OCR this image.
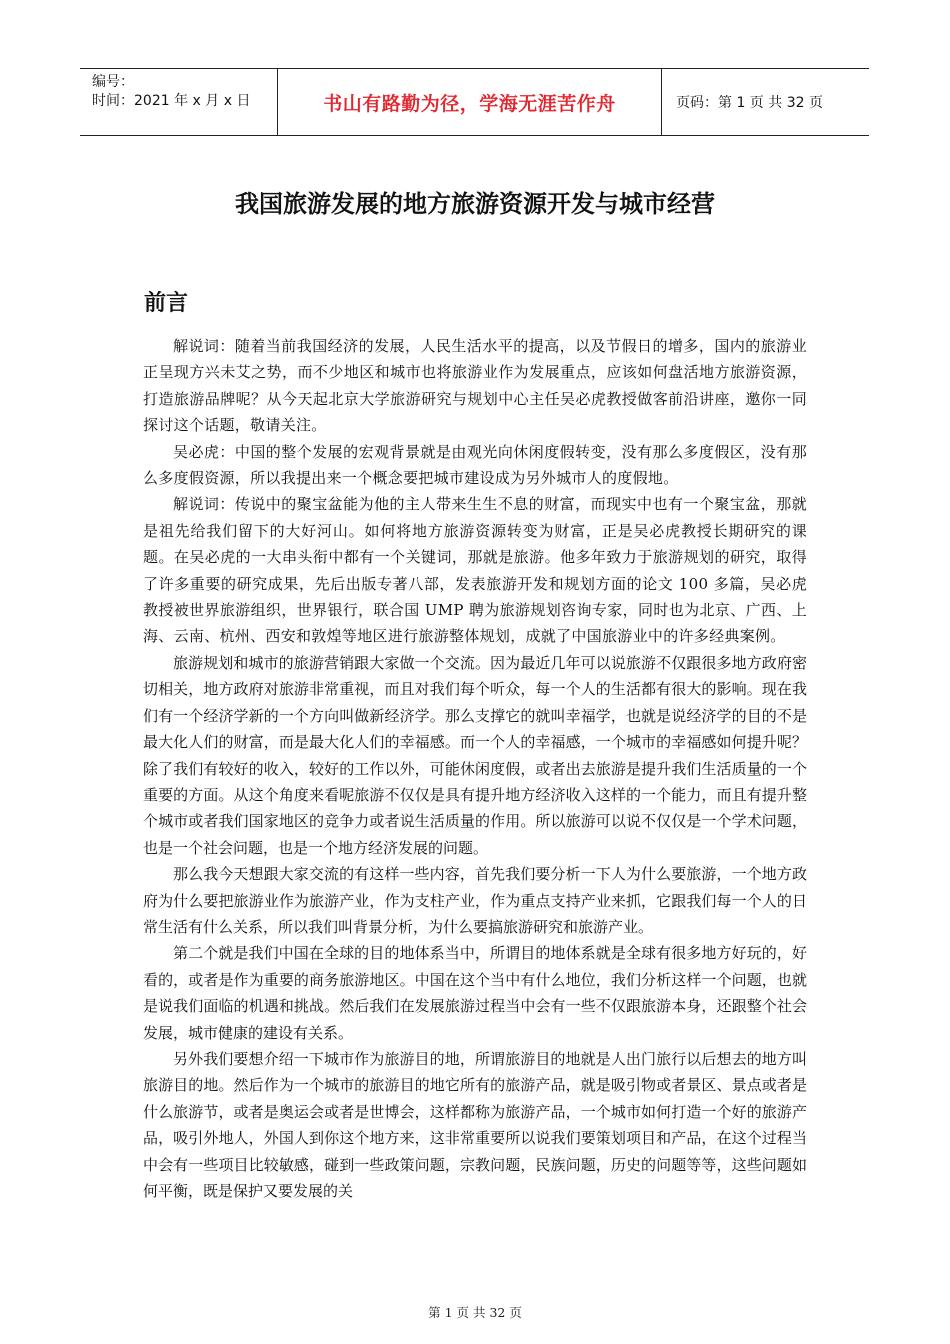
编号：
时间：2021 年 x 月 x 日	书山有路勤为径，学海无涯苦作舟	页码：第 1 页 共 32 页
我国旅游发展的地方旅游资源开发与城市经营
前言

解说词：随着当前我国经济的发展，人民生活水平的提高，以及节假日的增多，国内的旅游业正呈现方兴未艾之势，而不少地区和城市也将旅游业作为发展重点，应该如何盘活地方旅游资源，打造旅游品牌呢？从今天起北京大学旅游研究与规划中心主任吴必虎教授做客前沿讲座，邀你一同探讨这个话题，敬请关注。

吴必虎：中国的整个发展的宏观背景就是由观光向休闲度假转变，没有那么多度假区，没有那么多度假资源，所以我提出来一个概念要把城市建设成为另外城市人的度假地。

解说词：传说中的聚宝盆能为他的主人带来生生不息的财富，而现实中也有一个聚宝盆，那就是祖先给我们留下的大好河山。如何将地方旅游资源转变为财富，正是吴必虎教授长期研究的课题。在吴必虎的一大串头衔中都有一个关键词，那就是旅游。他多年致力于旅游规划的研究，取得了许多重要的研究成果，先后出版专著八部，发表旅游开发和规划方面的论文 100 多篇，吴必虎教授被世界旅游组织，世界银行，联合国 UMP 聘为旅游规划咨询专家，同时也为北京、广西、上海、云南、杭州、西安和敦煌等地区进行旅游整体规划，成就了中国旅游业中的许多经典案例。

旅游规划和城市的旅游营销跟大家做一个交流。因为最近几年可以说旅游不仅跟很多地方政府密切相关，地方政府对旅游非常重视，而且对我们每个听众，每一个人的生活都有很大的影响。现在我们有一个经济学新的一个方向叫做新经济学。那么支撑它的就叫幸福学，也就是说经济学的目的不是最大化人们的财富，而是最大化人们的幸福感。而一个人的幸福感，一个城市的幸福感如何提升呢？除了我们有较好的收入，较好的工作以外，可能休闲度假，或者出去旅游是提升我们生活质量的一个重要的方面。从这个角度来看呢旅游不仅仅是具有提升地方经济收入这样的一个能力，而且有提升整个城市或者我们国家地区的竞争力或者说生活质量的作用。所以旅游可以说不仅仅是一个学术问题，也是一个社会问题，也是一个地方经济发展的问题。

那么我今天想跟大家交流的有这样一些内容，首先我们要分析一下人为什么要旅游，一个地方政府为什么要把旅游业作为旅游产业，作为支柱产业，作为重点支持产业来抓，它跟我们每一个人的日常生活有什么关系，所以我们叫背景分析，为什么要搞旅游研究和旅游产业。

第二个就是我们中国在全球的目的地体系当中，所谓目的地体系就是全球有很多地方好玩的，好看的，或者是作为重要的商务旅游地区。中国在这个当中有什么地位，我们分析这样一个问题，也就是说我们面临的机遇和挑战。然后我们在发展旅游过程当中会有一些不仅跟旅游本身，还跟整个社会发展，城市健康的建设有关系。

另外我们要想介绍一下城市作为旅游目的地，所谓旅游目的地就是人出门旅行以后想去的地方叫旅游目的地。然后作为一个城市的旅游目的地它所有的旅游产品，就是吸引物或者景区、景点或者是什么旅游节，或者是奥运会或者是世博会，这样都称为旅游产品，一个城市如何打造一个好的旅游产品，吸引外地人，外国人到你这个地方来，这非常重要所以说我们要策划项目和产品，在这个过程当中会有一些项目比较敏感，碰到一些政策问题，宗教问题，民族问题，历史的问题等等，这些问题如何平衡，既是保护又要发展的关

第 1 页 共 32 页
